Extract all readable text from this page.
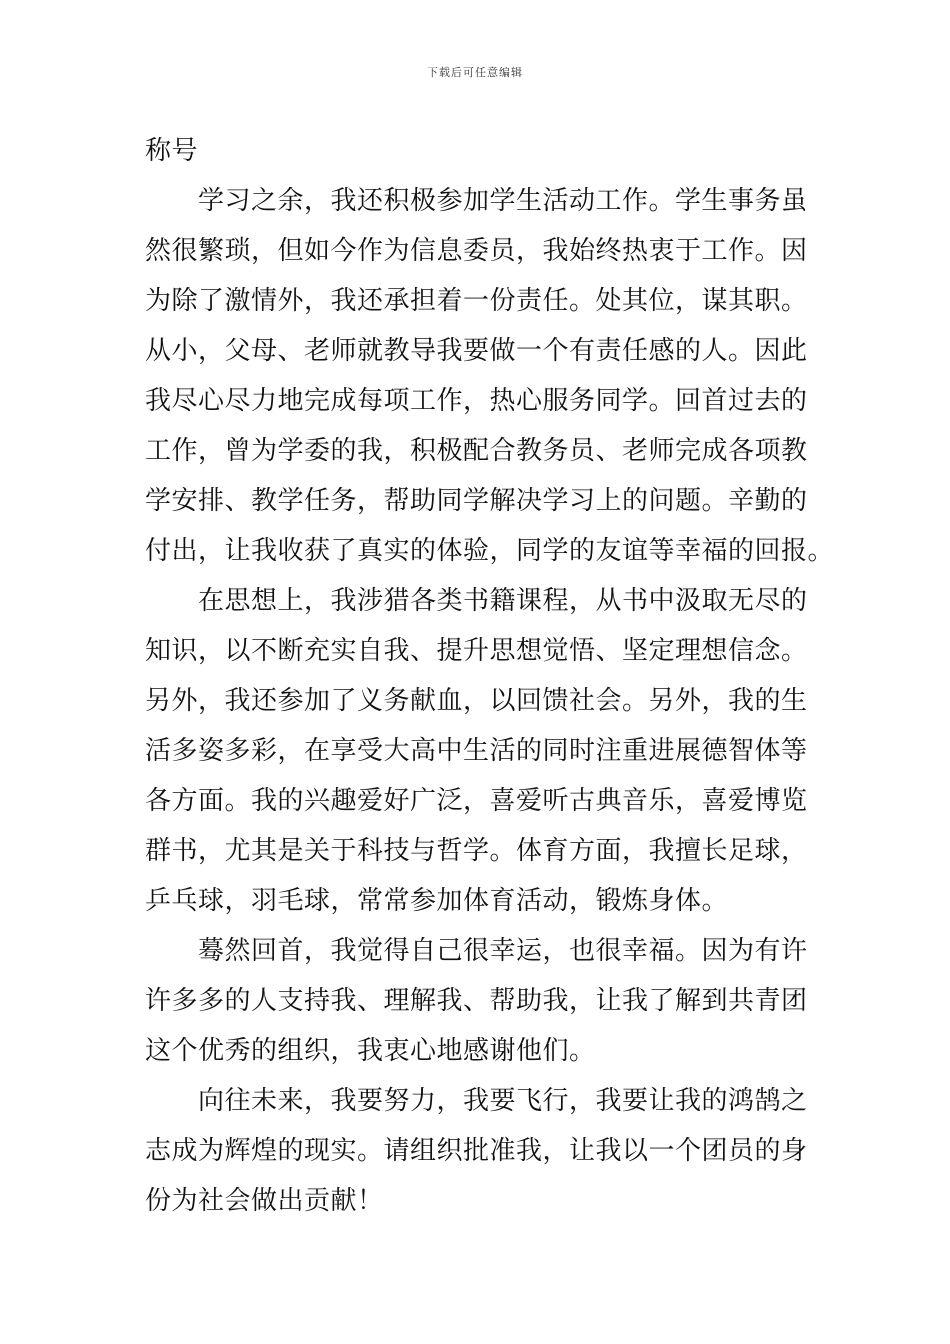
下载后可任意编辑
称号
学习之余，我还积极参加学生活动工作。学生事务虽
然很繁琐，但如今作为信息委员，我始终热衷于工作。因
为除了激情外，我还承担着一份责任。处其位，谋其职。
从小，父母、老师就教导我要做一个有责任感的人。因此
我尽心尽力地完成每项工作，热心服务同学。回首过去的
工作，曾为学委的我，积极配合教务员、老师完成各项教
学安排、教学任务，帮助同学解决学习上的问题。辛勤的
付出，让我收获了真实的体验，同学的友谊等幸福的回报。
在思想上，我涉猎各类书籍课程，从书中汲取无尽的
知识，以不断充实自我、提升思想觉悟、坚定理想信念。
另外，我还参加了义务献血，以回馈社会。另外，我的生
活多姿多彩，在享受大高中生活的同时注重进展德智体等
各方面。我的兴趣爱好广泛，喜爱听古典音乐，喜爱博览
群书，尤其是关于科技与哲学。体育方面，我擅长足球，
乒乓球，羽毛球，常常参加体育活动，锻炼身体。
蓦然回首，我觉得自己很幸运，也很幸福。因为有许
许多多的人支持我、理解我、帮助我，让我了解到共青团
这个优秀的组织，我衷心地感谢他们。
向往未来，我要努力，我要飞行，我要让我的鸿鹄之
志成为辉煌的现实。请组织批准我，让我以一个团员的身
份为社会做出贡献！
